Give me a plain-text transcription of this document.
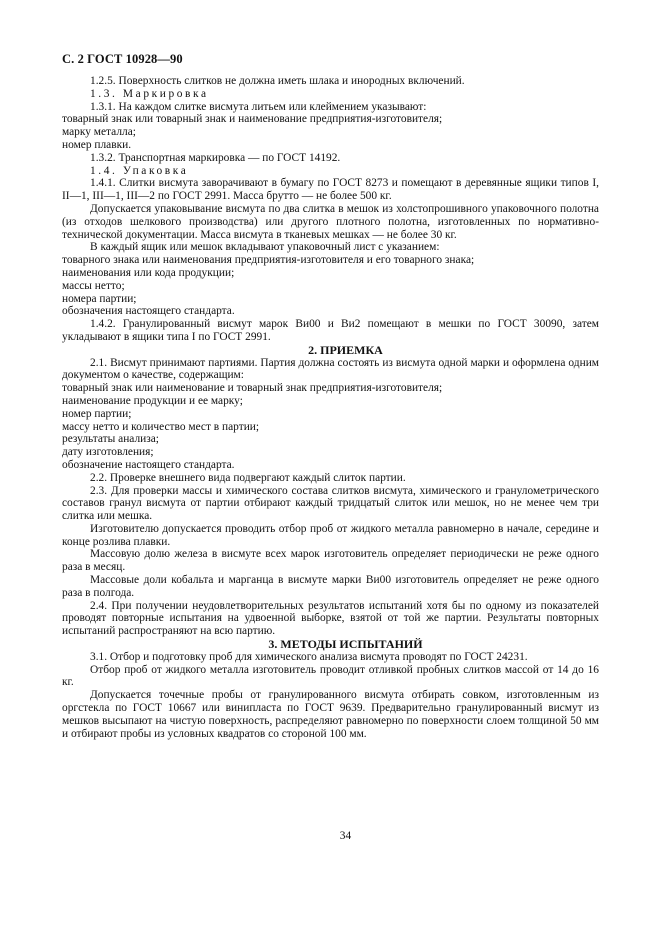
С. 2 ГОСТ 10928—90

1.2.5. Поверхность слитков не должна иметь шлака и инородных включений.

1.3. Маркировка

1.3.1. На каждом слитке висмута литьем или клеймением указывают:

товарный знак или товарный знак и наименование предприятия-изготовителя;

марку металла;

номер плавки.

1.3.2. Транспортная маркировка — по ГОСТ 14192.

1.4. Упаковка

1.4.1. Слитки висмута заворачивают в бумагу по ГОСТ 8273 и помещают в деревянные ящики типов I, II—1, III—1, III—2 по ГОСТ 2991. Масса брутто — не более 500 кг.

Допускается упаковывание висмута по два слитка в мешок из холстопрошивного упаковочного полотна (из отходов шелкового производства) или другого плотного полотна, изготовленных по нормативно-технической документации. Масса висмута в тканевых мешках — не более 30 кг.

В каждый ящик или мешок вкладывают упаковочный лист с указанием:

товарного знака или наименования предприятия-изготовителя и его товарного знака;

наименования или кода продукции;

массы нетто;

номера партии;

обозначения настоящего стандарта.

1.4.2. Гранулированный висмут марок Ви00 и Ви2 помещают в мешки по ГОСТ 30090, затем укладывают в ящики типа I по ГОСТ 2991.

2. ПРИЕМКА

2.1. Висмут принимают партиями. Партия должна состоять из висмута одной марки и оформлена одним документом о качестве, содержащим:

товарный знак или наименование и товарный знак предприятия-изготовителя;

наименование продукции и ее марку;

номер партии;

массу нетто и количество мест в партии;

результаты анализа;

дату изготовления;

обозначение настоящего стандарта.

2.2. Проверке внешнего вида подвергают каждый слиток партии.

2.3. Для проверки массы и химического состава слитков висмута, химического и гранулометрического составов гранул висмута от партии отбирают каждый тридцатый слиток или мешок, но не менее чем три слитка или мешка.

Изготовителю допускается проводить отбор проб от жидкого металла равномерно в начале, середине и конце розлива плавки.

Массовую долю железа в висмуте всех марок изготовитель определяет периодически не реже одного раза в месяц.

Массовые доли кобальта и марганца в висмуте марки Ви00 изготовитель определяет не реже одного раза в полгода.

2.4. При получении неудовлетворительных результатов испытаний хотя бы по одному из показателей проводят повторные испытания на удвоенной выборке, взятой от той же партии. Результаты повторных испытаний распространяют на всю партию.

3. МЕТОДЫ ИСПЫТАНИЙ

3.1. Отбор и подготовку проб для химического анализа висмута проводят по ГОСТ 24231.

Отбор проб от жидкого металла изготовитель проводит отливкой пробных слитков массой от 14 до 16 кг.

Допускается точечные пробы от гранулированного висмута отбирать совком, изготовленным из оргстекла по ГОСТ 10667 или винипласта по ГОСТ 9639. Предварительно гранулированный висмут из мешков высыпают на чистую поверхность, распределяют равномерно по поверхности слоем толщиной 50 мм и отбирают пробы из условных квадратов со стороной 100 мм.

34
